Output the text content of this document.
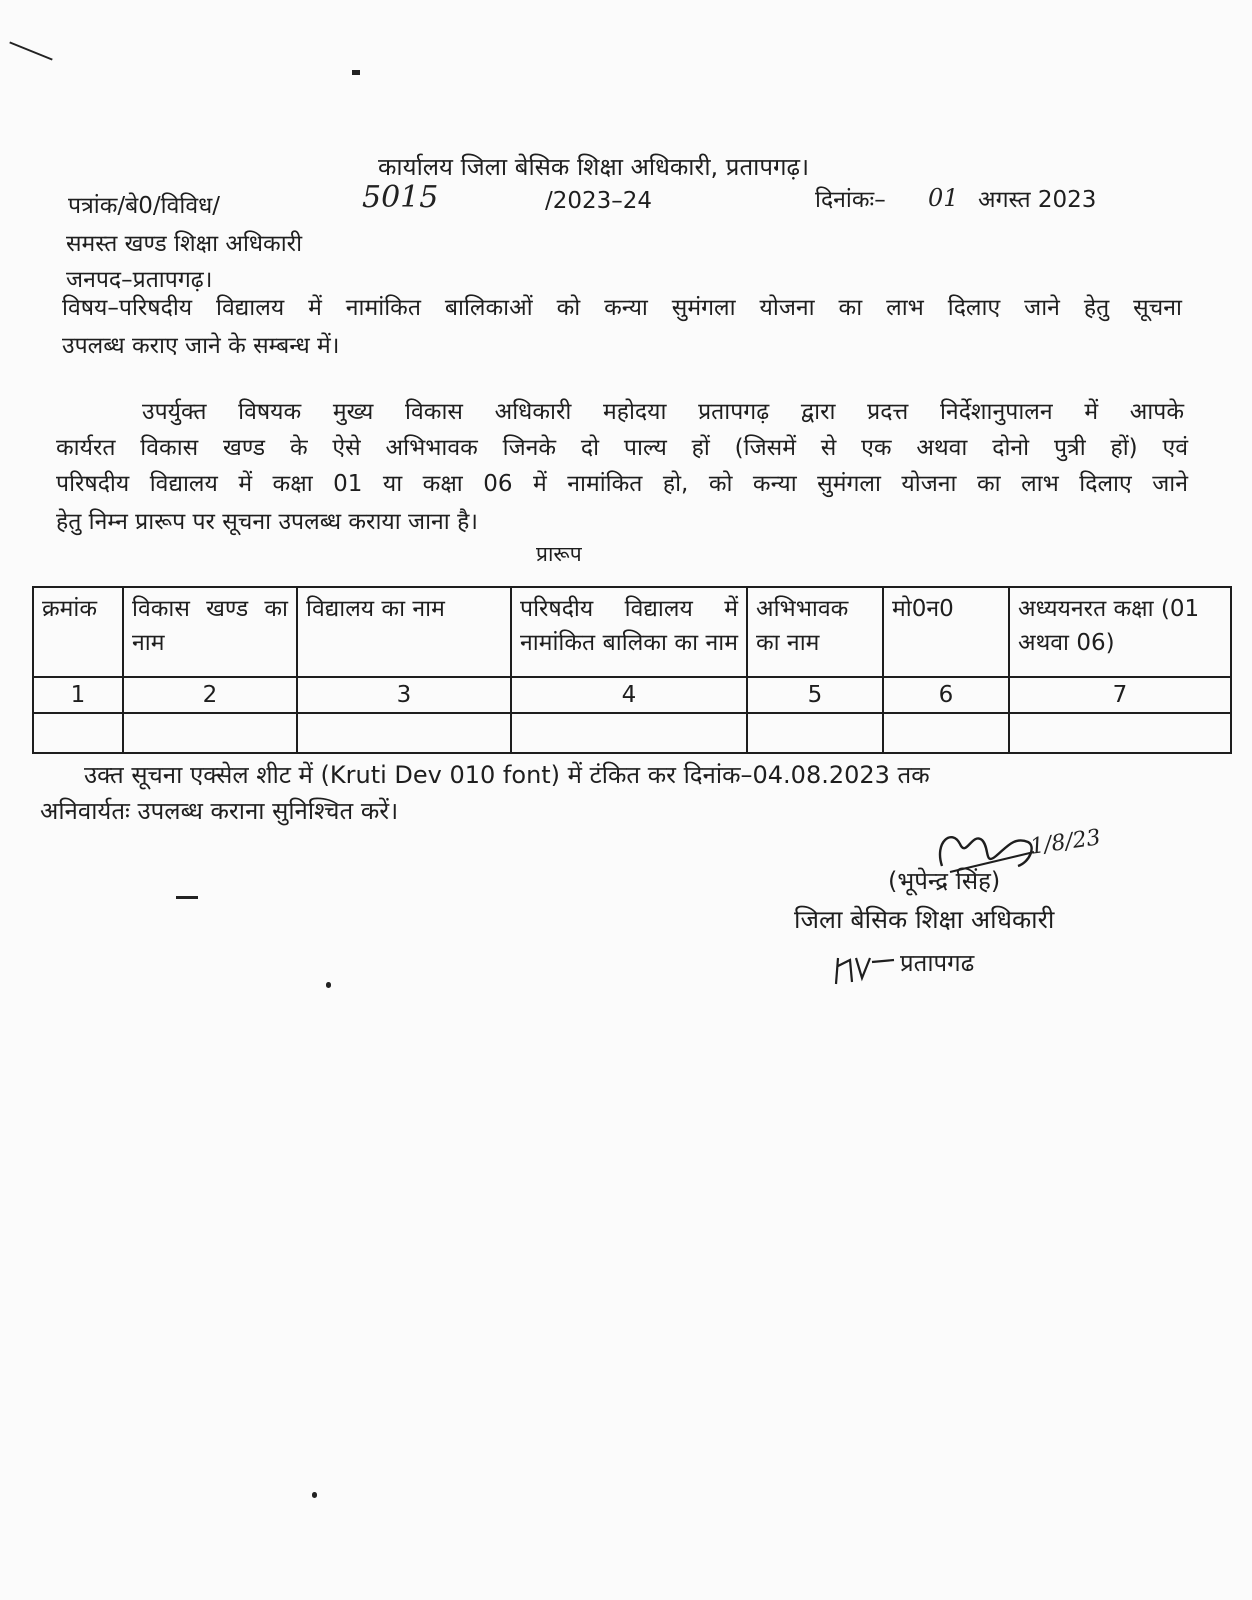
कार्यालय जिला बेसिक शिक्षा अधिकारी, प्रतापगढ़।
पत्रांक/बे0/विविध/	5015	/2023–24	दिनांकः– 01 अगस्त 2023
समस्त खण्ड शिक्षा अधिकारी
जनपद–प्रतापगढ़।
विषय–परिषदीय विद्यालय में नामांकित बालिकाओं को कन्या सुमंगला योजना का लाभ दिलाए जाने हेतु सूचना
उपलब्ध कराए जाने के सम्बन्ध में।
उपर्युक्त विषयक मुख्य विकास अधिकारी महोदया प्रतापगढ़ द्वारा प्रदत्त निर्देशानुपालन में आपके
कार्यरत विकास खण्ड के ऐसे अभिभावक जिनके दो पाल्य हों (जिसमें से एक अथवा दोनो पुत्री हों) एवं
परिषदीय विद्यालय में कक्षा 01 या कक्षा 06 में नामांकित हो, को कन्या सुमंगला योजना का लाभ दिलाए जाने
हेतु निम्न प्रारूप पर सूचना उपलब्ध कराया जाना है।
प्रारूप
क्रमांक	विकास खण्ड का नाम	विद्यालय का नाम	परिषदीय विद्यालय में नामांकित बालिका का नाम	अभिभावक का नाम	मो0न0	अध्ययनरत कक्षा (01 अथवा 06)
1	2	3	4	5	6	7

उक्त सूचना एक्सेल शीट में (Kruti Dev 010 font) में टंकित कर दिनांक–04.08.2023 तक
अनिवार्यतः उपलब्ध कराना सुनिश्चित करें।
1/8/23
(भूपेन्द्र सिंह)
जिला बेसिक शिक्षा अधिकारी
प्रतापगढ
